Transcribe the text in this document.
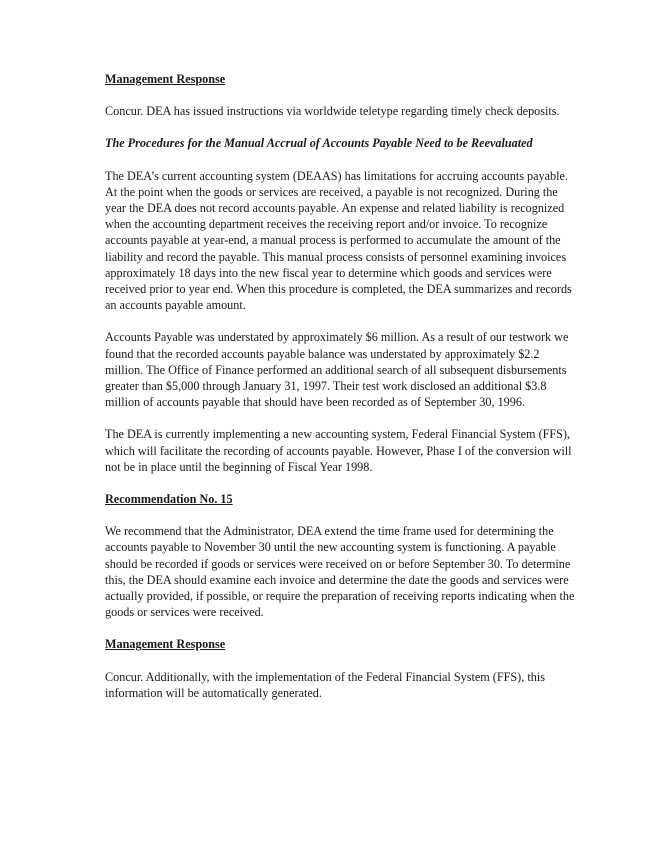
Management Response

Concur. DEA has issued instructions via worldwide teletype regarding timely check deposits.

The Procedures for the Manual Accrual of Accounts Payable Need to be Reevaluated

The DEA’s current accounting system (DEAAS) has limitations for accruing accounts payable. At the point when the goods or services are received, a payable is not recognized. During the year the DEA does not record accounts payable. An expense and related liability is recognized when the accounting department receives the receiving report and/or invoice. To recognize accounts payable at year-end, a manual process is performed to accumulate the amount of the liability and record the payable. This manual process consists of personnel examining invoices approximately 18 days into the new fiscal year to determine which goods and services were received prior to year end. When this procedure is completed, the DEA summarizes and records an accounts payable amount.

Accounts Payable was understated by approximately $6 million. As a result of our testwork we found that the recorded accounts payable balance was understated by approximately $2.2 million. The Office of Finance performed an additional search of all subsequent disbursements greater than $5,000 through January 31, 1997. Their test work disclosed an additional $3.8 million of accounts payable that should have been recorded as of September 30, 1996.

The DEA is currently implementing a new accounting system, Federal Financial System (FFS), which will facilitate the recording of accounts payable. However, Phase I of the conversion will not be in place until the beginning of Fiscal Year 1998.

Recommendation No. 15

We recommend that the Administrator, DEA extend the time frame used for determining the accounts payable to November 30 until the new accounting system is functioning. A payable should be recorded if goods or services were received on or before September 30. To determine this, the DEA should examine each invoice and determine the date the goods and services were actually provided, if possible, or require the preparation of receiving reports indicating when the goods or services were received.

Management Response

Concur. Additionally, with the implementation of the Federal Financial System (FFS), this information will be automatically generated.
